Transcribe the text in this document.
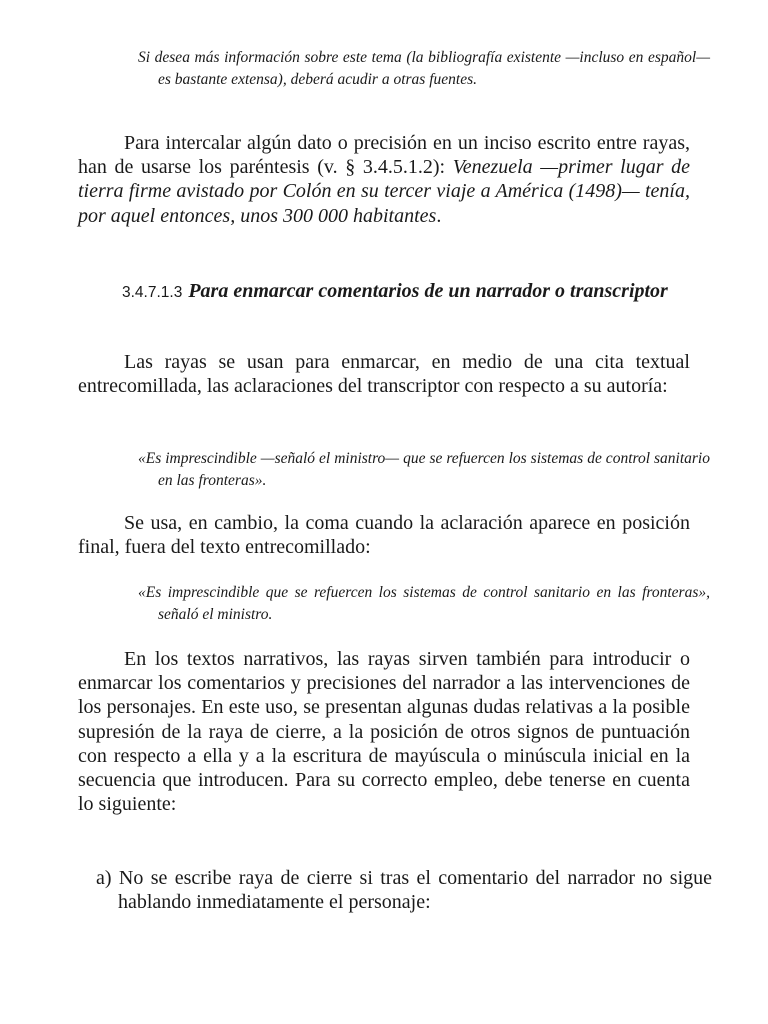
Si desea más información sobre este tema (la bibliografía existente —incluso en español— es bastante extensa), deberá acudir a otras fuentes.

Para intercalar algún dato o precisión en un inciso escrito entre rayas, han de usarse los paréntesis (v. § 3.4.5.1.2): Venezuela —primer lugar de tierra firme avistado por Colón en su tercer viaje a América (1498)— tenía, por aquel entonces, unos 300 000 habitantes.

3.4.7.1.3 Para enmarcar comentarios de un narrador o transcriptor

Las rayas se usan para enmarcar, en medio de una cita textual entrecomillada, las aclaraciones del transcriptor con respecto a su autoría:

«Es imprescindible —señaló el ministro— que se refuercen los sistemas de control sanitario en las fronteras».

Se usa, en cambio, la coma cuando la aclaración aparece en posición final, fuera del texto entrecomillado:

«Es imprescindible que se refuercen los sistemas de control sanitario en las fronteras», señaló el ministro.

En los textos narrativos, las rayas sirven también para introducir o enmarcar los comentarios y precisiones del narrador a las intervenciones de los personajes. En este uso, se presentan algunas dudas relativas a la posible supresión de la raya de cierre, a la posición de otros signos de puntuación con respecto a ella y a la escritura de mayúscula o minúscula inicial en la secuencia que introducen. Para su correcto empleo, debe tenerse en cuenta lo siguiente:

a) No se escribe raya de cierre si tras el comentario del narrador no sigue hablando inmediatamente el personaje:
